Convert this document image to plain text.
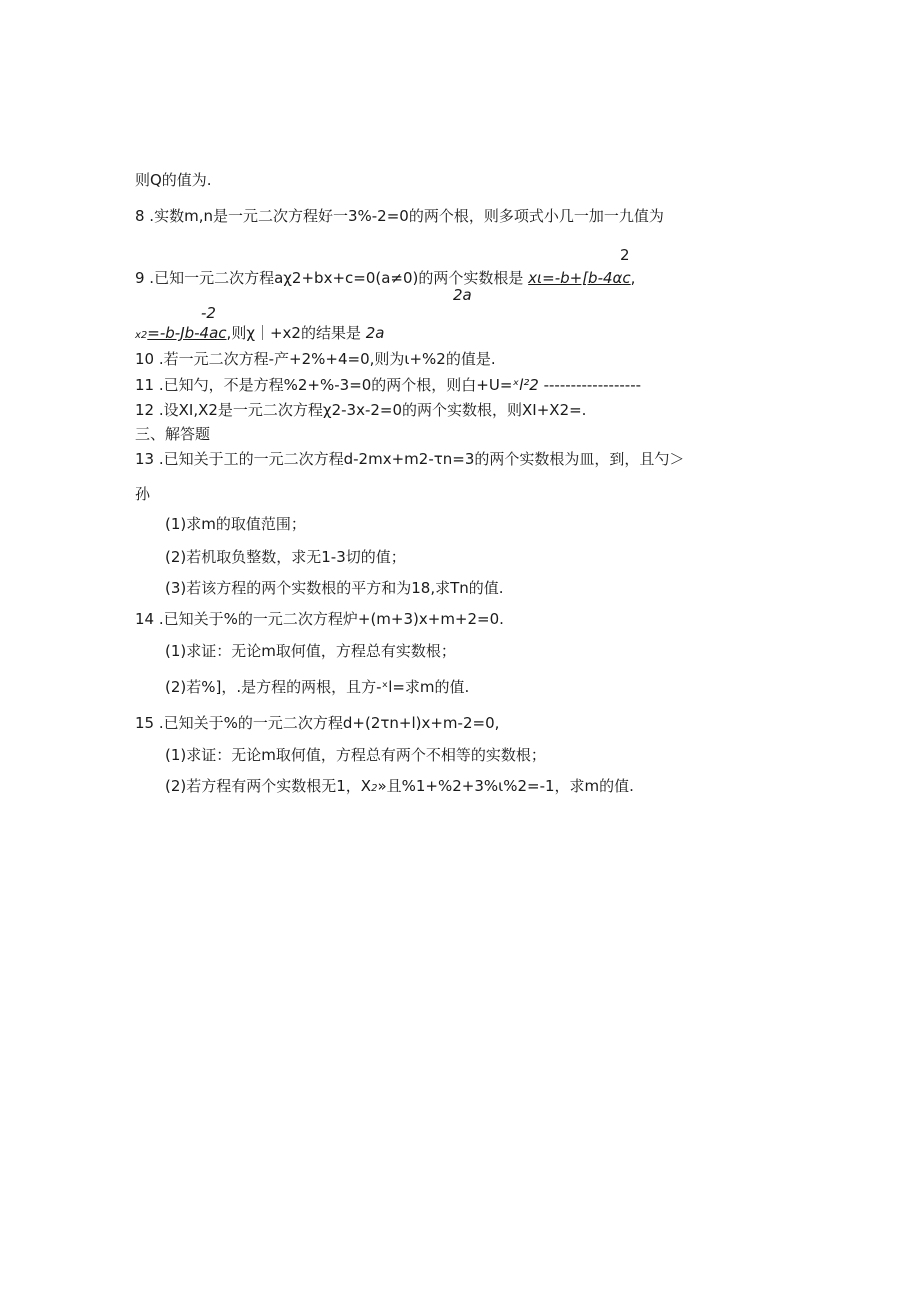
则Q的值为.
8 .实数m,n是一元二次方程好一3%-2=0的两个根，则多项式小几一加一九值为
2
9 .已知一元二次方程aχ2+bx+c=0(a≠0)的两个实数根是 xι=-b+[b-4αc,
2a
-2
x2=-b-Jb-4ac,则χ｜+x2的结果是 2a
10 .若一元二次方程-产+2%+4=0,则为ι+%2的值是.
11 .已知勺，不是方程%2+%-3=0的两个根，则白+U=ˣl²2 ------------------
12 .设XI,X2是一元二次方程χ2-3x-2=0的两个实数根，则XI+X2=.
三、解答题
13 .已知关于工的一元二次方程d-2mx+m2-τn=3的两个实数根为皿，到，且勺＞
孙
(1)求m的取值范围；
(2)若机取负整数，求无1-3切的值；
(3)若该方程的两个实数根的平方和为18,求Tn的值.
14 .已知关于%的一元二次方程炉+(m+3)x+m+2=0.
(1)求证：无论m取何值，方程总有实数根；
(2)若%]，.是方程的两根，且方-ˣl=求m的值.
15 .已知关于%的一元二次方程d+(2τn+l)x+m-2=0,
(1)求证：无论m取何值，方程总有两个不相等的实数根；
(2)若方程有两个实数根无1，X2»且%1+%2+3%ι%2=-1，求m的值.
